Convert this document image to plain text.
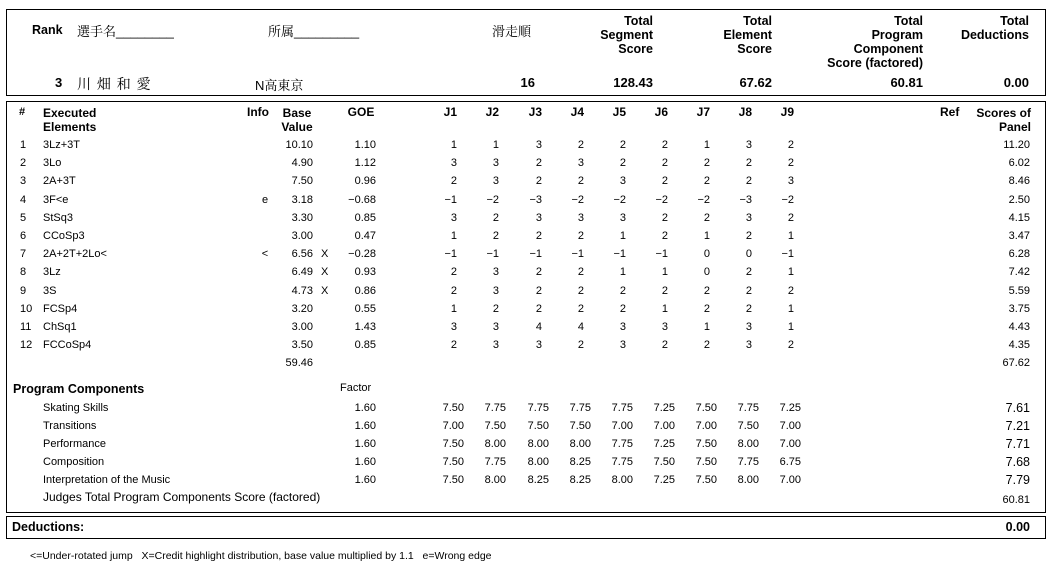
Rank 選手名________	所属_________	滑走順
Total
Segment
Score
Total
Element
Score
Total
Program
Component
Score (factored)
Total
Deductions
3 川 畑 和 愛	N高東京	16	128.43	67.62	60.81	0.00
# Executed
Elements
Info	Base
Value
GOE	J1	J2	J3	J4	J5	J6	J7	J8	J9	Ref	Scores of
Panel
1 3Lz+3T	10.10	1.10	1	1	3	2	2	2	1	3	2	11.20
2 3Lo	4.90	1.12	3	3	2	3	2	2	2	2	2	6.02
3 2A+3T	7.50	0.96	2	3	2	2	3	2	2	2	3	8.46
4 3F<e	e	3.18	−0.68	−1	−2	−3	−2	−2	−2	−2	−3	−2	2.50
5 StSq3	3.30	0.85	3	2	3	3	3	2	2	3	2	4.15
6 CCoSp3	3.00	0.47	1	2	2	2	1	2	1	2	1	3.47
7 2A+2T+2Lo<	<	6.56 X	−0.28	−1	−1	−1	−1	−1	−1	0	0	−1	6.28
8 3Lz	6.49 X	0.93	2	3	2	2	1	1	0	2	1	7.42
9 3S	4.73 X	0.86	2	3	2	2	2	2	2	2	2	5.59
10 FCSp4	3.20	0.55	1	2	2	2	2	1	2	2	1	3.75
11 ChSq1	3.00	1.43	3	3	4	4	3	3	1	3	1	4.43
12 FCCoSp4	3.50	0.85	2	3	3	2	3	2	2	3	2	4.35
59.46	67.62
Program Components	Factor
Skating Skills	1.60	7.50	7.75	7.75	7.75	7.75	7.25	7.50	7.75	7.25	7.61
Transitions	1.60	7.00	7.50	7.50	7.50	7.00	7.00	7.00	7.50	7.00	7.21
Performance	1.60	7.50	8.00	8.00	8.00	7.75	7.25	7.50	8.00	7.00	7.71
Composition	1.60	7.50	7.75	8.00	8.25	7.75	7.50	7.50	7.75	6.75	7.68
Interpretation of the Music	1.60	7.50	8.00	8.25	8.25	8.00	7.25	7.50	8.00	7.00	7.79
Judges Total Program Components Score (factored)	60.81
Deductions:	0.00
<=Under-rotated jump   X=Credit highlight distribution, base value multiplied by 1.1   e=Wrong edge
